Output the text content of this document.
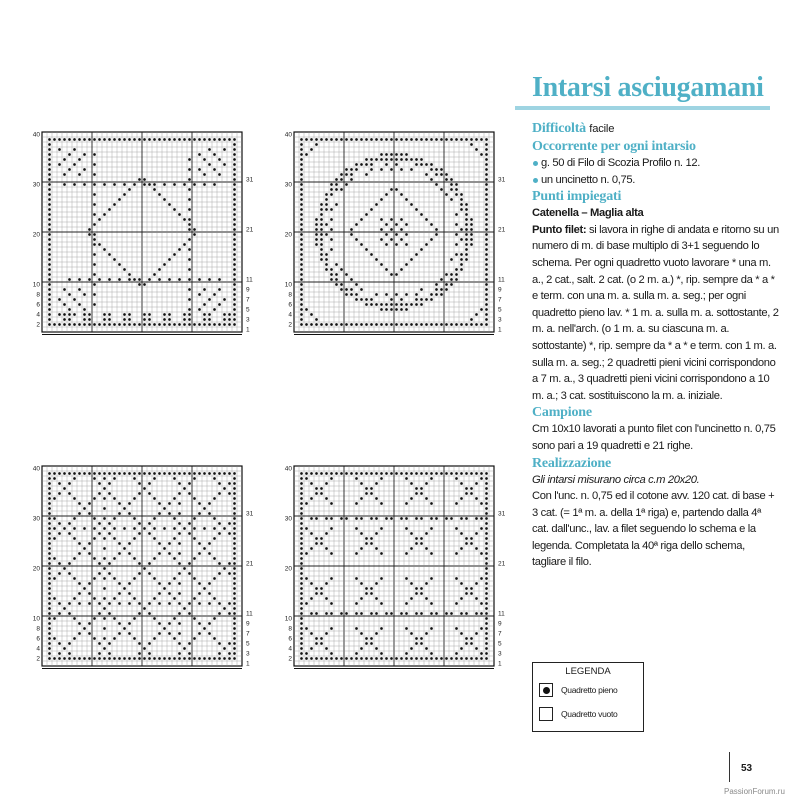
Intarsi asciugamani
40
30
20
10
8
6
4
2
31
21
11
9
7
5
3
1
40
30
20
10
8
6
4
2
31
21
11
9
7
5
3
1
40
30
20
10
8
6
4
2
31
21
11
9
7
5
3
1
40
30
20
10
8
6
4
2
31
21
11
9
7
5
3
1
Difficoltà facile
Occorrente per ogni intarsio

g. 50 di Filo di Scozia Profilo n. 12.

un uncinetto n. 0,75.

Punti impiegati

Catenella – Maglia alta

Punto filet: si lavora in righe di andata e ritorno su un numero di m. di base multiplo di 3+1 seguendo lo schema. Per ogni quadretto vuoto lavorare * una m. a., 2 cat., salt. 2 cat. (o 2 m. a.) *, rip. sempre da * a * e term. con una m. a. sulla m. a. seg.; per ogni quadretto pieno lav. * 1 m. a. sulla m. a. sottostante, 2 m. a. nell'arch. (o 1 m. a. su ciascuna m. a. sottostante) *, rip. sempre da * a * e term. con 1 m. a. sulla m. a. seg.; 2 quadretti pieni vicini corrispondono a 7 m. a., 3 quadretti pieni vicini corrispondono a 10 m. a.; 3 cat. sostituiscono la m. a. iniziale.

Campione

Cm 10x10 lavorati a punto filet con l'uncinetto n. 0,75 sono pari a 19 quadretti e 21 righe.

Realizzazione

Gli intarsi misurano circa c.m 20x20.

Con l'unc. n. 0,75 ed il cotone avv. 120 cat. di base + 3 cat. (= 1ª m. a. della 1ª riga) e, partendo dalla 4ª cat. dall'unc., lav. a filet seguendo lo schema e la legenda. Completata la 40ª riga dello schema, tagliare il filo.

LEGENDA
Quadretto pieno
Quadretto vuoto
53
PassionForum.ru
